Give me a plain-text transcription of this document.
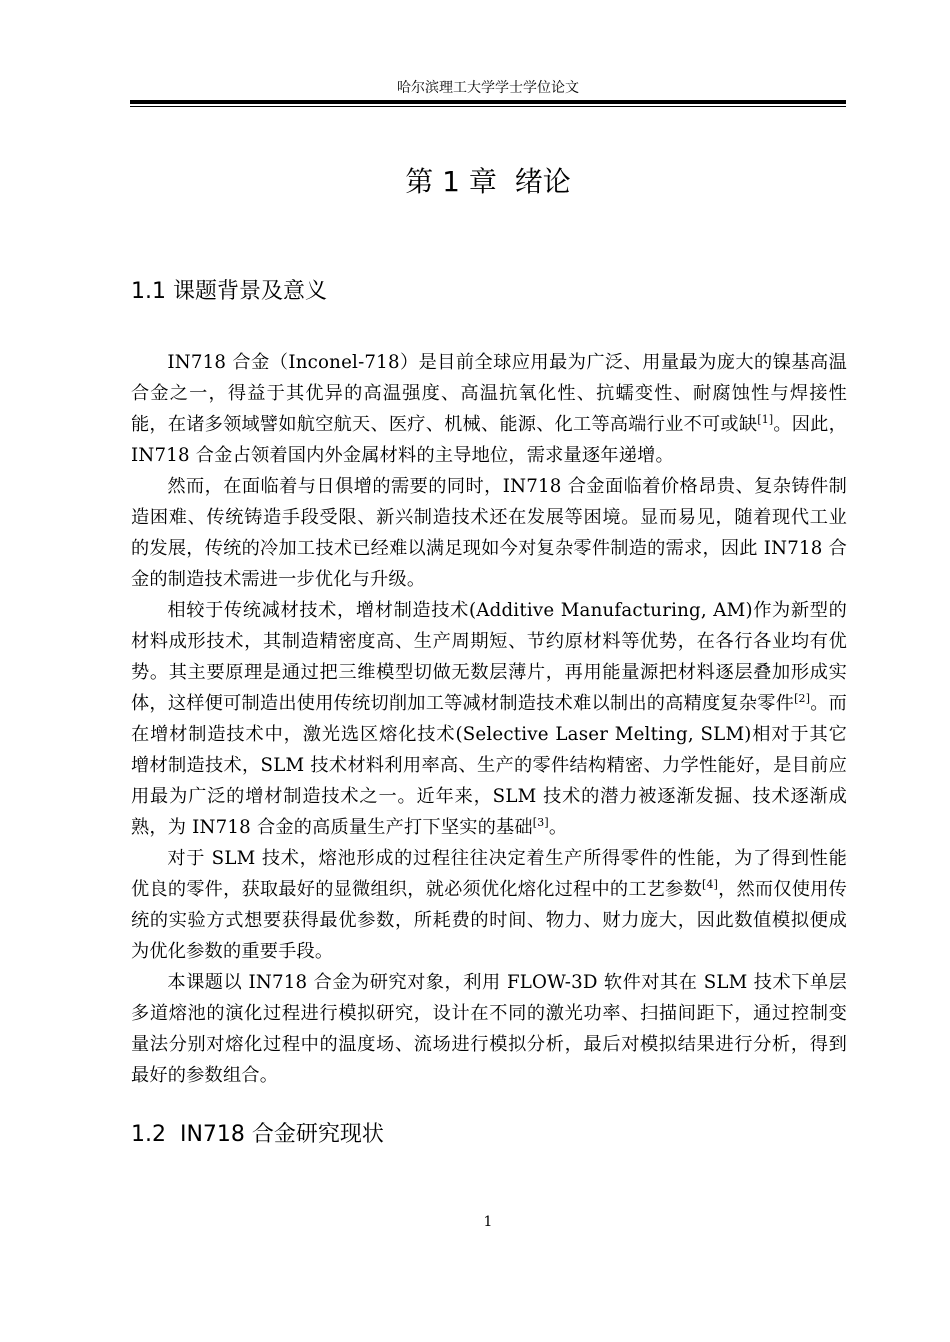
哈尔滨理工大学学士学位论文
第 1 章  绪论
1.1 课题背景及意义

IN718 合金（Inconel-718）是目前全球应用最为广泛、用量最为庞大的镍基高温合金之一，得益于其优异的高温强度、高温抗氧化性、抗蠕变性、耐腐蚀性与焊接性能，在诸多领域譬如航空航天、医疗、机械、能源、化工等高端行业不可或缺[1]。因此，IN718 合金占领着国内外金属材料的主导地位，需求量逐年递增。

然而，在面临着与日俱增的需要的同时，IN718 合金面临着价格昂贵、复杂铸件制造困难、传统铸造手段受限、新兴制造技术还在发展等困境。显而易见，随着现代工业的发展，传统的冷加工技术已经难以满足现如今对复杂零件制造的需求，因此 IN718 合金的制造技术需进一步优化与升级。

相较于传统减材技术，增材制造技术(Additive Manufacturing, AM)作为新型的材料成形技术，其制造精密度高、生产周期短、节约原材料等优势，在各行各业均有优势。其主要原理是通过把三维模型切做无数层薄片，再用能量源把材料逐层叠加形成实体，这样便可制造出使用传统切削加工等减材制造技术难以制出的高精度复杂零件[2]。而在增材制造技术中，激光选区熔化技术(Selective Laser Melting, SLM)相对于其它增材制造技术，SLM 技术材料利用率高、生产的零件结构精密、力学性能好，是目前应用最为广泛的增材制造技术之一。近年来，SLM 技术的潜力被逐渐发掘、技术逐渐成熟，为 IN718 合金的高质量生产打下坚实的基础[3]。

对于 SLM 技术，熔池形成的过程往往决定着生产所得零件的性能，为了得到性能优良的零件，获取最好的显微组织，就必须优化熔化过程中的工艺参数[4]，然而仅使用传统的实验方式想要获得最优参数，所耗费的时间、物力、财力庞大，因此数值模拟便成为优化参数的重要手段。

本课题以 IN718 合金为研究对象，利用 FLOW-3D 软件对其在 SLM 技术下单层多道熔池的演化过程进行模拟研究，设计在不同的激光功率、扫描间距下，通过控制变量法分别对熔化过程中的温度场、流场进行模拟分析，最后对模拟结果进行分析，得到最好的参数组合。

1.2  IN718 合金研究现状
1
